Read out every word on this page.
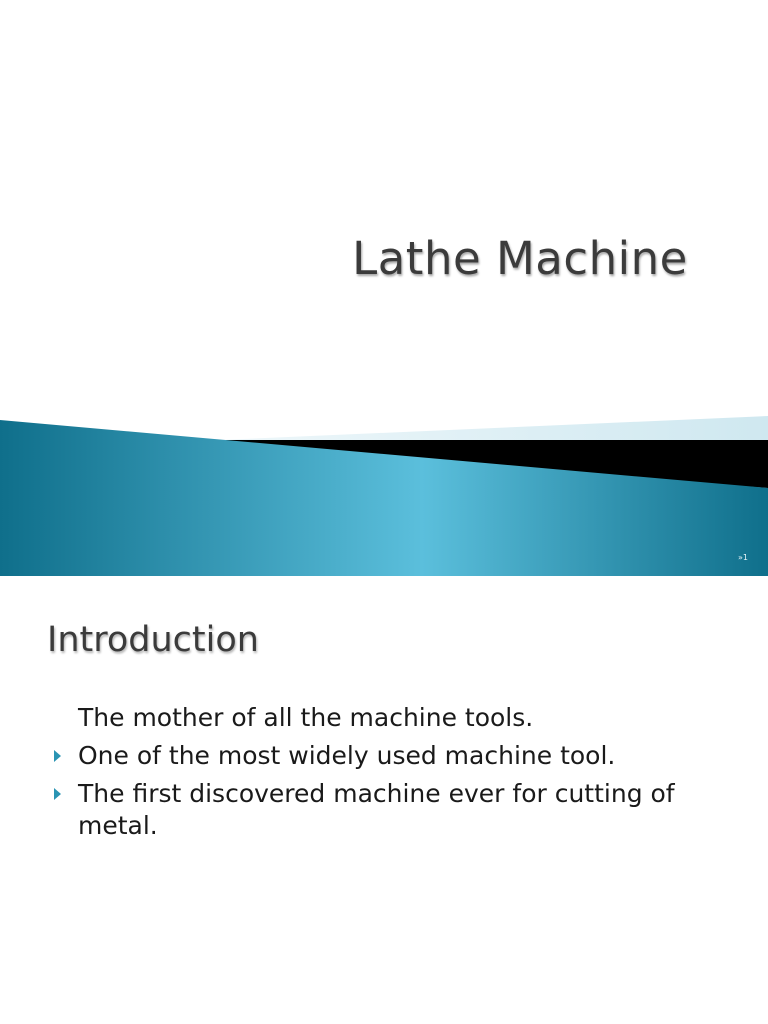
Lathe Machine
»1
Introduction
The mother of all the machine tools.
One of the most widely used machine tool.
The first discovered machine ever for cutting of metal.
